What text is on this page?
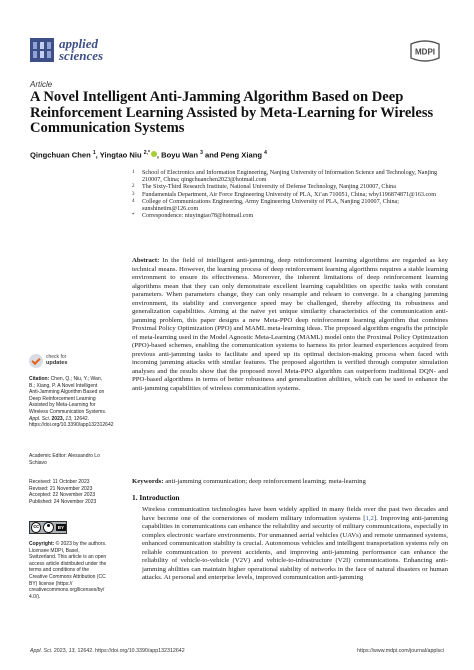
applied
sciences	MDPI
Article
A Novel Intelligent Anti-Jamming Algorithm Based on Deep Reinforcement Learning Assisted by Meta-Learning for Wireless Communication Systems
Qingchuan Chen $^1$, Yingtao Niu $^{2,*}$ , Boyu Wan $^3$ and Peng Xiang $^4$
1	School of Electronics and Information Engineering, Nanjing University of Information Science and Technology, Nanjing 210007, China; qingchuanchen2023@hotmail.com
2	The Sixty-Third Research Institute, National University of Defense Technology, Nanjing 210007, China
3	Fundamentals Department, Air Force Engineering University of PLA, Xi’an 710051, China; wby1196874871@163.com
4	College of Communications Engineering, Army Engineering University of PLA, Nanjing 210007, China; sunshinetim@126.com
*	Correspondence: niuyingtao78@hotmail.com
Abstract: In the field of intelligent anti-jamming, deep reinforcement learning algorithms are regarded as key technical means. However, the learning process of deep reinforcement learning algorithms requires a stable learning environment to ensure its effectiveness. Moreover, the inherent limitations of deep reinforcement learning algorithms mean that they can only demonstrate excellent learning capabilities on specific tasks with constant parameters. When parameters change, they can only resample and relearn to converge. In a changing jamming environment, its stability and convergence speed may be challenged, thereby affecting its robustness and generalization capabilities. Aiming at the naive yet unique similarity characteristics of the communication anti-jamming problem, this paper designs a new Meta-PPO deep reinforcement learning algorithm that combines Proximal Policy Optimization (PPO) and MAML meta-learning ideas. The proposed algorithm engrafts the principle of meta-learning used in the Model Agnostic Meta-Learning (MAML) model onto the Proximal Policy Optimization (PPO)-based schemes, enabling the communication systems to harness its prior learned experiences acquired from previous anti-jamming tasks to facilitate and speed up its optimal decision-making process when faced with incoming jamming attacks with similar features. The proposed algorithm is verified through computer simulation analyses and the results show that the proposed novel Meta-PPO algorithm can outperform traditional DQN- and PPO-based algorithms in terms of better robustness and generalization abilities, which can be used to enhance the anti-jamming capabilities of wireless communication systems.
Keywords: anti-jamming communication; deep reinforcement learning; meta-learning
1. Introduction
Wireless communication technologies have been widely applied in many fields over the past two decades and have become one of the cornerstones of modern military information systems [1,2]. Improving anti-jamming capabilities in communications can enhance the reliability and security of military communications, especially in complex electronic warfare environments. For unmanned aerial vehicles (UAVs) and remote unmanned systems, enhanced communication stability is crucial. Autonomous vehicles and intelligent transportation systems rely on reliable communication to prevent accidents, and improving anti-jamming performance can enhance the reliability of vehicle-to-vehicle (V2V) and vehicle-to-infrastructure (V2I) communications. Enhancing anti-jamming abilities can maintain higher operational stability of networks in the face of natural disasters or human attacks. At personal and enterprise levels, improved communication anti-jamming
check for
updates
Citation: Chen, Q.; Niu, Y.; Wan, B.; Xiang, P. A Novel Intelligent Anti-Jamming Algorithm Based on Deep Reinforcement Learning Assisted by Meta-Learning for Wireless Communication Systems. Appl. Sci. 2023, 13, 12642. https://doi.org/10.3390/app132312642
Academic Editor: Alessandro Lo Schiavo
Received: 11 October 2023
Revised: 21 November 2023
Accepted: 22 November 2023
Published: 24 November 2023
cc	BY
Copyright: © 2023 by the authors. Licensee MDPI, Basel, Switzerland. This article is an open access article distributed under the terms and conditions of the Creative Commons Attribution (CC BY) license (https:// creativecommons.org/licenses/by/ 4.0/).
Appl. Sci. 2023, 13, 12642. https://doi.org/10.3390/app132312642	https://www.mdpi.com/journal/applsci
